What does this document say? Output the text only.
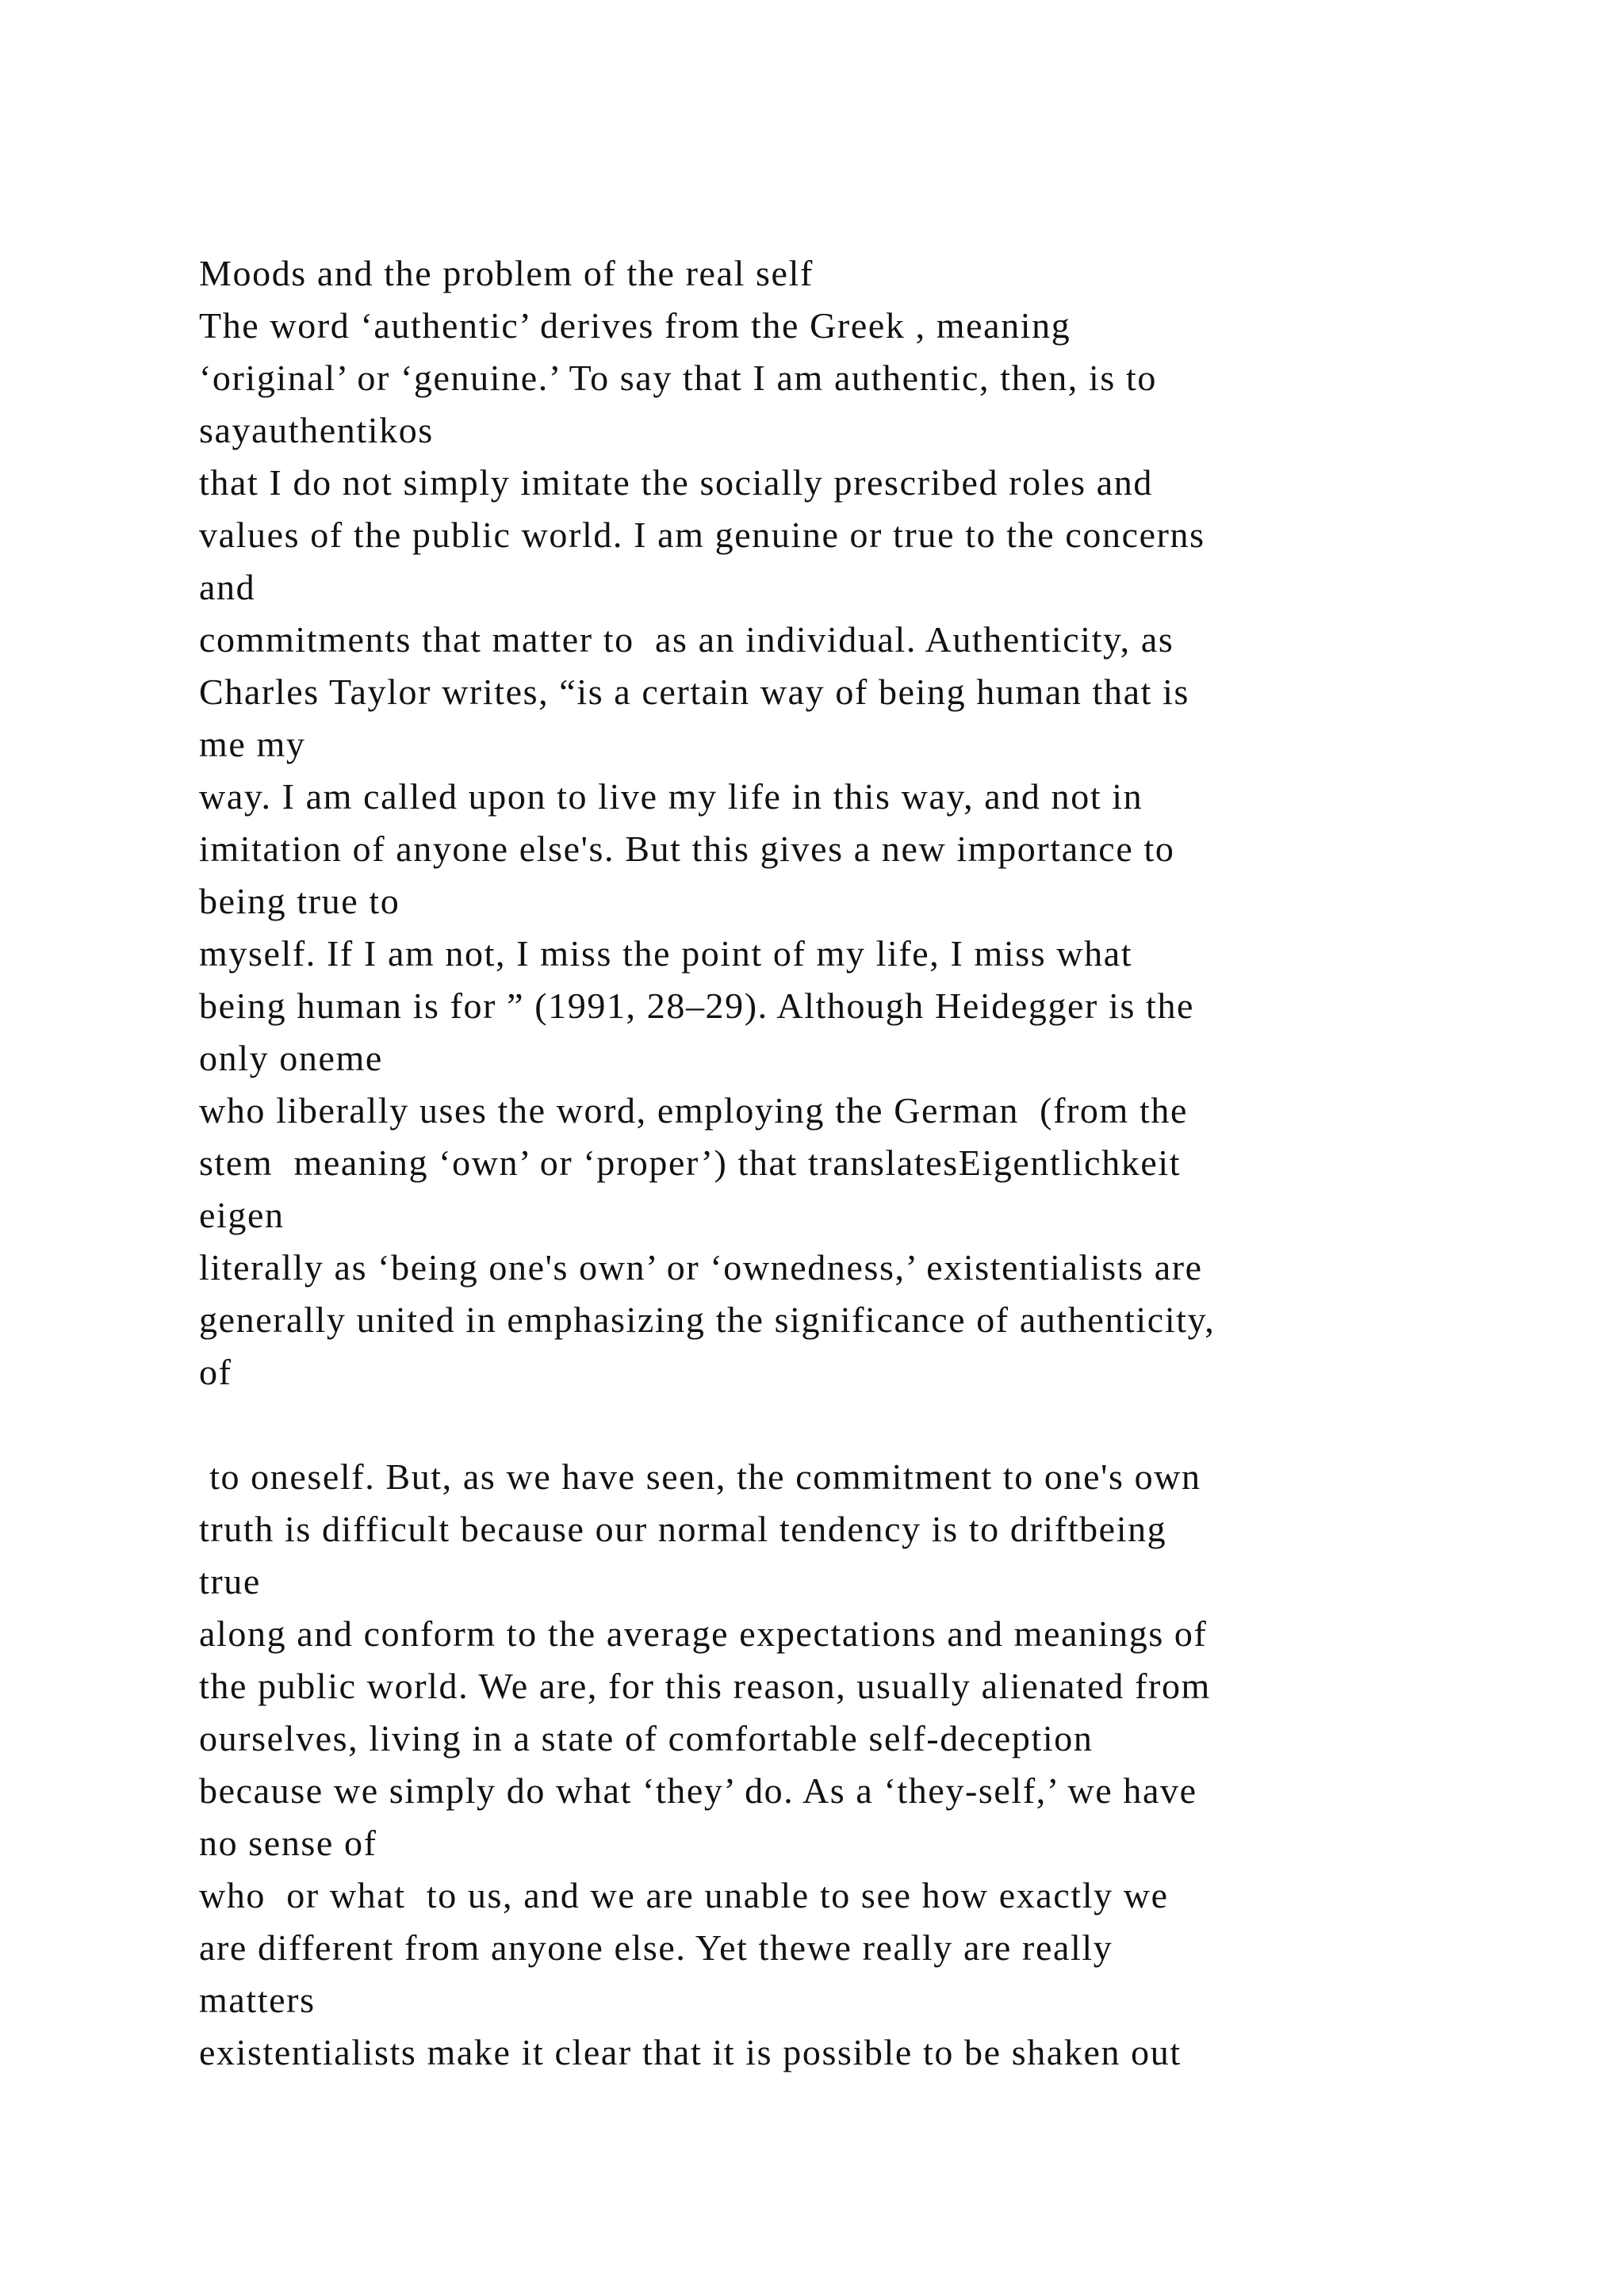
Moods and the problem of the real self
The word ‘authentic’ derives from the Greek , meaning
‘original’ or ‘genuine.’ To say that I am authentic, then, is to
sayauthentikos
that I do not simply imitate the socially prescribed roles and
values of the public world. I am genuine or true to the concerns
and
commitments that matter to  as an individual. Authenticity, as
Charles Taylor writes, “is a certain way of being human that is
me my
way. I am called upon to live my life in this way, and not in
imitation of anyone else's. But this gives a new importance to
being true to
myself. If I am not, I miss the point of my life, I miss what
being human is for ” (1991, 28–29). Although Heidegger is the
only oneme
who liberally uses the word, employing the German  (from the
stem  meaning ‘own’ or ‘proper’) that translatesEigentlichkeit
eigen
literally as ‘being one's own’ or ‘ownedness,’ existentialists are
generally united in emphasizing the significance of authenticity,
of
to oneself. But, as we have seen, the commitment to one's own
truth is difficult because our normal tendency is to driftbeing
true
along and conform to the average expectations and meanings of
the public world. We are, for this reason, usually alienated from
ourselves, living in a state of comfortable self-deception
because we simply do what ‘they’ do. As a ‘they-self,’ we have
no sense of
who  or what  to us, and we are unable to see how exactly we
are different from anyone else. Yet thewe really are really
matters
existentialists make it clear that it is possible to be shaken out
